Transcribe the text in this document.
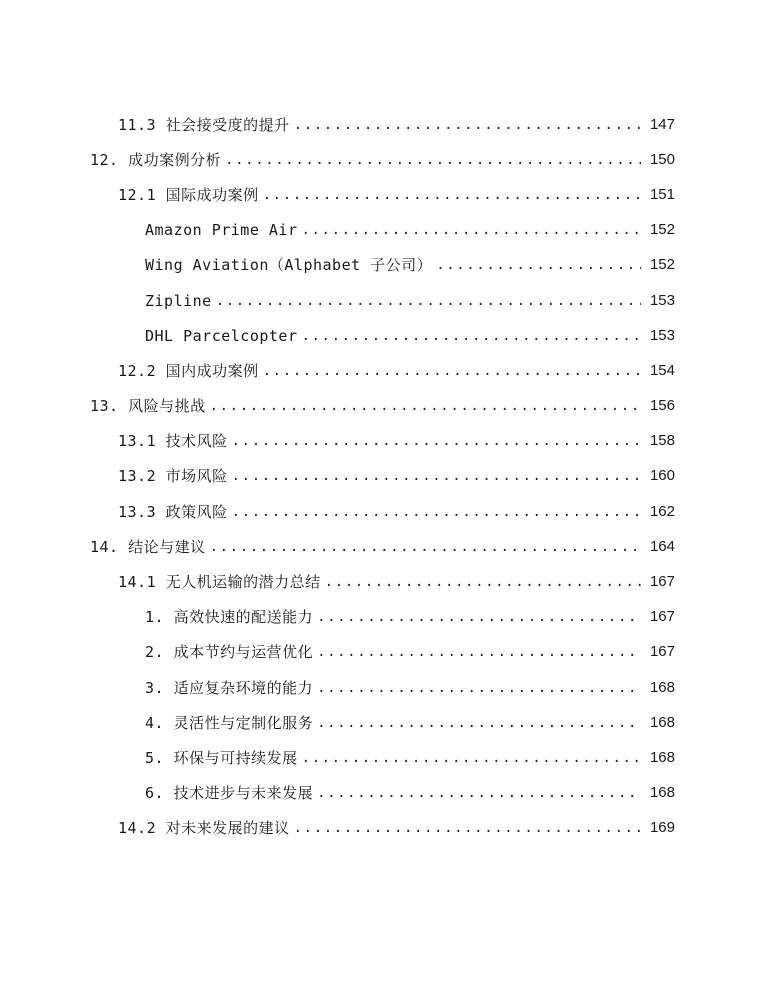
11.3 社会接受度的提升 .....	147
12. 成功案例分析 .....	150
12.1 国际成功案例 .....	151
Amazon Prime Air .....	152
Wing Aviation（Alphabet 子公司） .....	152
Zipline .....	153
DHL Parcelcopter .....	153
12.2 国内成功案例 .....	154
13. 风险与挑战 .....	156
13.1 技术风险 .....	158
13.2 市场风险 .....	160
13.3 政策风险 .....	162
14. 结论与建议 .....	164
14.1 无人机运输的潜力总结 .....	167
1. 高效快速的配送能力 .....	167
2. 成本节约与运营优化 .....	167
3. 适应复杂环境的能力 .....	168
4. 灵活性与定制化服务 .....	168
5. 环保与可持续发展 .....	168
6. 技术进步与未来发展 .....	168
14.2 对未来发展的建议 .....	169
